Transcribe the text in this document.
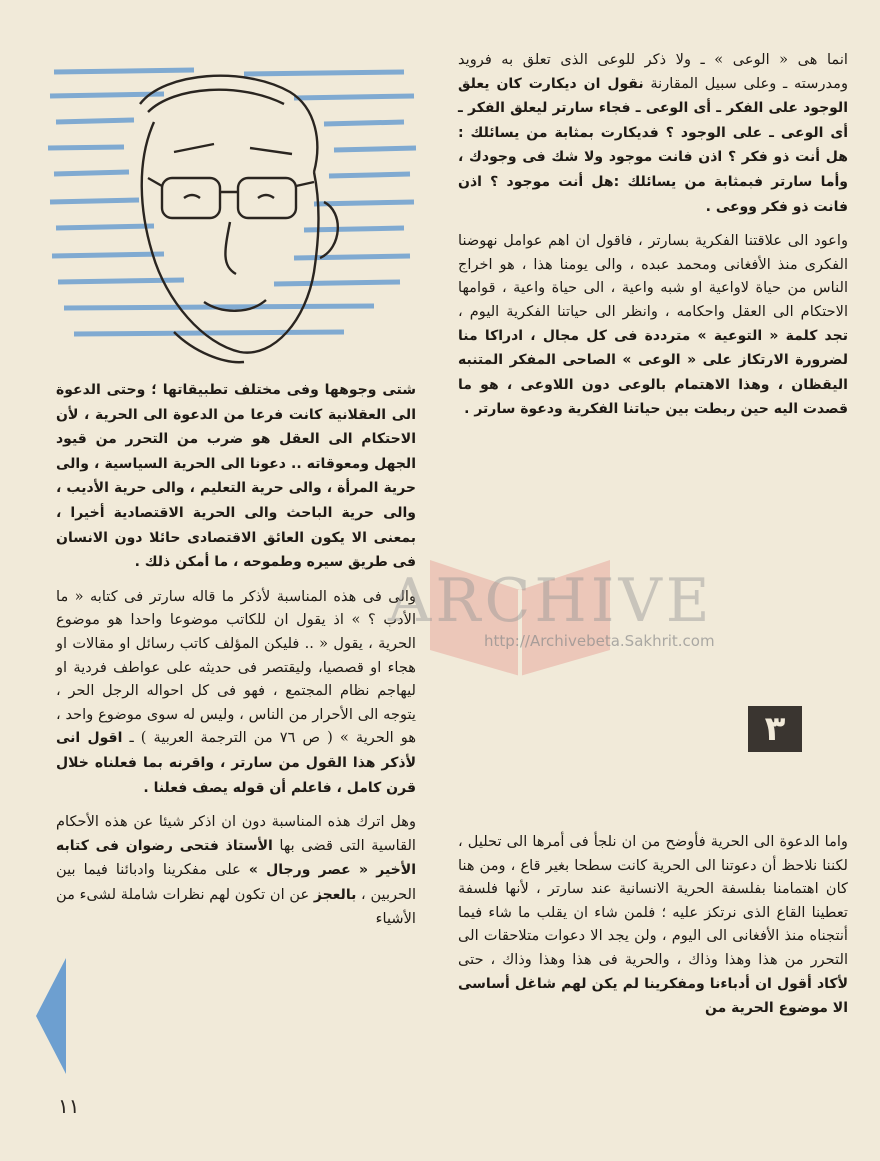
انما هى « الوعى » ـ ولا ذكر للوعى الذى تعلق به فرويد ومدرسته ـ وعلى سبيل المقارنة نقول ان ديكارت كان يعلق الوجود على الفكر ـ أى الوعى ـ فجاء سارتر ليعلق الفكر ـ أى الوعى ـ على الوجود ؟ فديكارت بمثابة من يسائلك : هل أنت ذو فكر ؟ اذن فانت موجود ولا شك فى وجودك ، وأما سارتر فبمثابة من يسائلك :هل أنت موجود ؟ اذن فانت ذو فكر ووعى .

واعود الى علاقتنا الفكرية بسارتر ، فاقول ان اهم عوامل نهوضنا الفكرى منذ الأفغانى ومحمد عبده ، والى يومنا هذا ، هو اخراج الناس من حياة لاواعية او شبه واعية ، الى حياة واعية ، قوامها الاحتكام الى العقل واحكامه ، وانظر الى حياتنا الفكرية اليوم ، تجد كلمة « التوعية » مترددة فى كل مجال ، ادراكا منا لضرورة الارتكاز على « الوعى » الصاحى المفكر المتنبه اليقظان ، وهذا الاهتمام بالوعى دون اللاوعى ، هو ما قصدت اليه حين ربطت بين حياتنا الفكرية ودعوة سارتر .

٣

واما الدعوة الى الحرية فأوضح من ان نلجأ فى أمرها الى تحليل ، لكننا نلاحظ أن دعوتنا الى الحرية كانت سطحا بغير قاع ، ومن هنا كان اهتمامنا بفلسفة الحرية الانسانية عند سارتر ، لأنها فلسفة تعطينا القاع الذى نرتكز عليه ؛ فلمن شاء ان يقلب ما شاء فيما أنتجناه منذ الأفغانى الى اليوم ، ولن يجد الا دعوات متلاحقات الى التحرر من هذا وهذا وذاك ، والحرية فى هذا وهذا وذاك ، حتى لأكاد أقول ان أدباءنا ومفكرينا لم يكن لهم شاغل أساسى الا موضوع الحرية من

شتى وجوهها وفى مختلف تطبيقاتها ؛ وحتى الدعوة الى العقلانية كانت فرعا من الدعوة الى الحرية ، لأن الاحتكام الى العقل هو ضرب من التحرر من قيود الجهل ومعوقاته .. دعونا الى الحرية السياسية ، والى حرية المرأة ، والى حرية التعليم ، والى حرية الأديب ، والى حرية الباحث والى الحرية الاقتصادية أخيرا ، بمعنى الا يكون العائق الاقتصادى حائلا دون الانسان فى طريق سيره وطموحه ، ما أمكن ذلك .

والى فى هذه المناسبة لأذكر ما قاله سارتر فى كتابه « ما الأدب ؟ » اذ يقول ان للكاتب موضوعا واحدا هو موضوع الحرية ، يقول « .. فليكن المؤلف كاتب رسائل او مقالات او هجاء او قصصيا، وليقتصر فى حديثه على عواطف فردية او ليهاجم نظام المجتمع ، فهو فى كل احواله الرجل الحر ، يتوجه الى الأحرار من الناس ، وليس له سوى موضوع واحد ، هو الحرية » ( ص ٧٦ من الترجمة العربية ) ـ اقول انى لأذكر هذا القول من سارتر ، واقرنه بما فعلناه خلال قرن كامل ، فاعلم أن قوله يصف فعلنا .

وهل اترك هذه المناسبة دون ان اذكر شيئا عن هذه الأحكام القاسية التى قضى بها الأستاذ فتحى رضوان فى كتابه الأخير « عصر ورجال » على مفكرينا وادبائنا فيما بين الحربين ، بالعجز عن ان تكون لهم نظرات شاملة لشىء من الأشياء

١١
ARCHIVE
http://Archivebeta.Sakhrit.com
